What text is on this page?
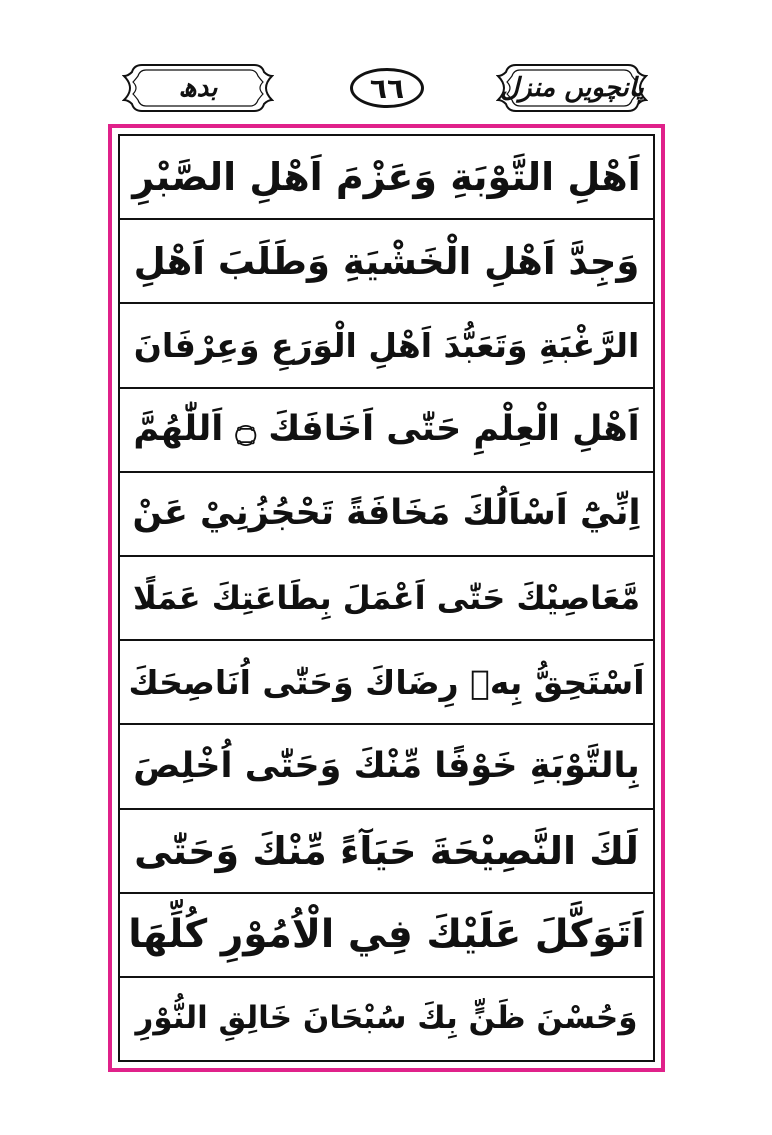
بدھ	٦٦	پانچویں منزل
اَهْلِ التَّوْبَةِ وَعَزْمَ اَهْلِ الصَّبْرِ
وَجِدَّ اَهْلِ الْخَشْيَةِ وَطَلَبَ اَهْلِ
الرَّغْبَةِ وَتَعَبُّدَ اَهْلِ الْوَرَعِ وَعِرْفَانَ
اَهْلِ الْعِلْمِ حَتّٰى اَخَافَكَ ۝ اَللّٰهُمَّ
اِنِّيْٓ اَسْاَلُكَ مَخَافَةً تَحْجُزُنِيْ عَنْ
مَّعَاصِيْكَ حَتّٰى اَعْمَلَ بِطَاعَتِكَ عَمَلًا
اَسْتَحِقُّ بِهٖ رِضَاكَ وَحَتّٰى اُنَاصِحَكَ
بِالتَّوْبَةِ خَوْفًا مِّنْكَ وَحَتّٰى اُخْلِصَ
لَكَ النَّصِيْحَةَ حَيَآءً مِّنْكَ وَحَتّٰى
اَتَوَكَّلَ عَلَيْكَ فِي الْاُمُوْرِ كُلِّهَا
وَحُسْنَ ظَنٍّ بِكَ سُبْحَانَ خَالِقِ النُّوْرِ
